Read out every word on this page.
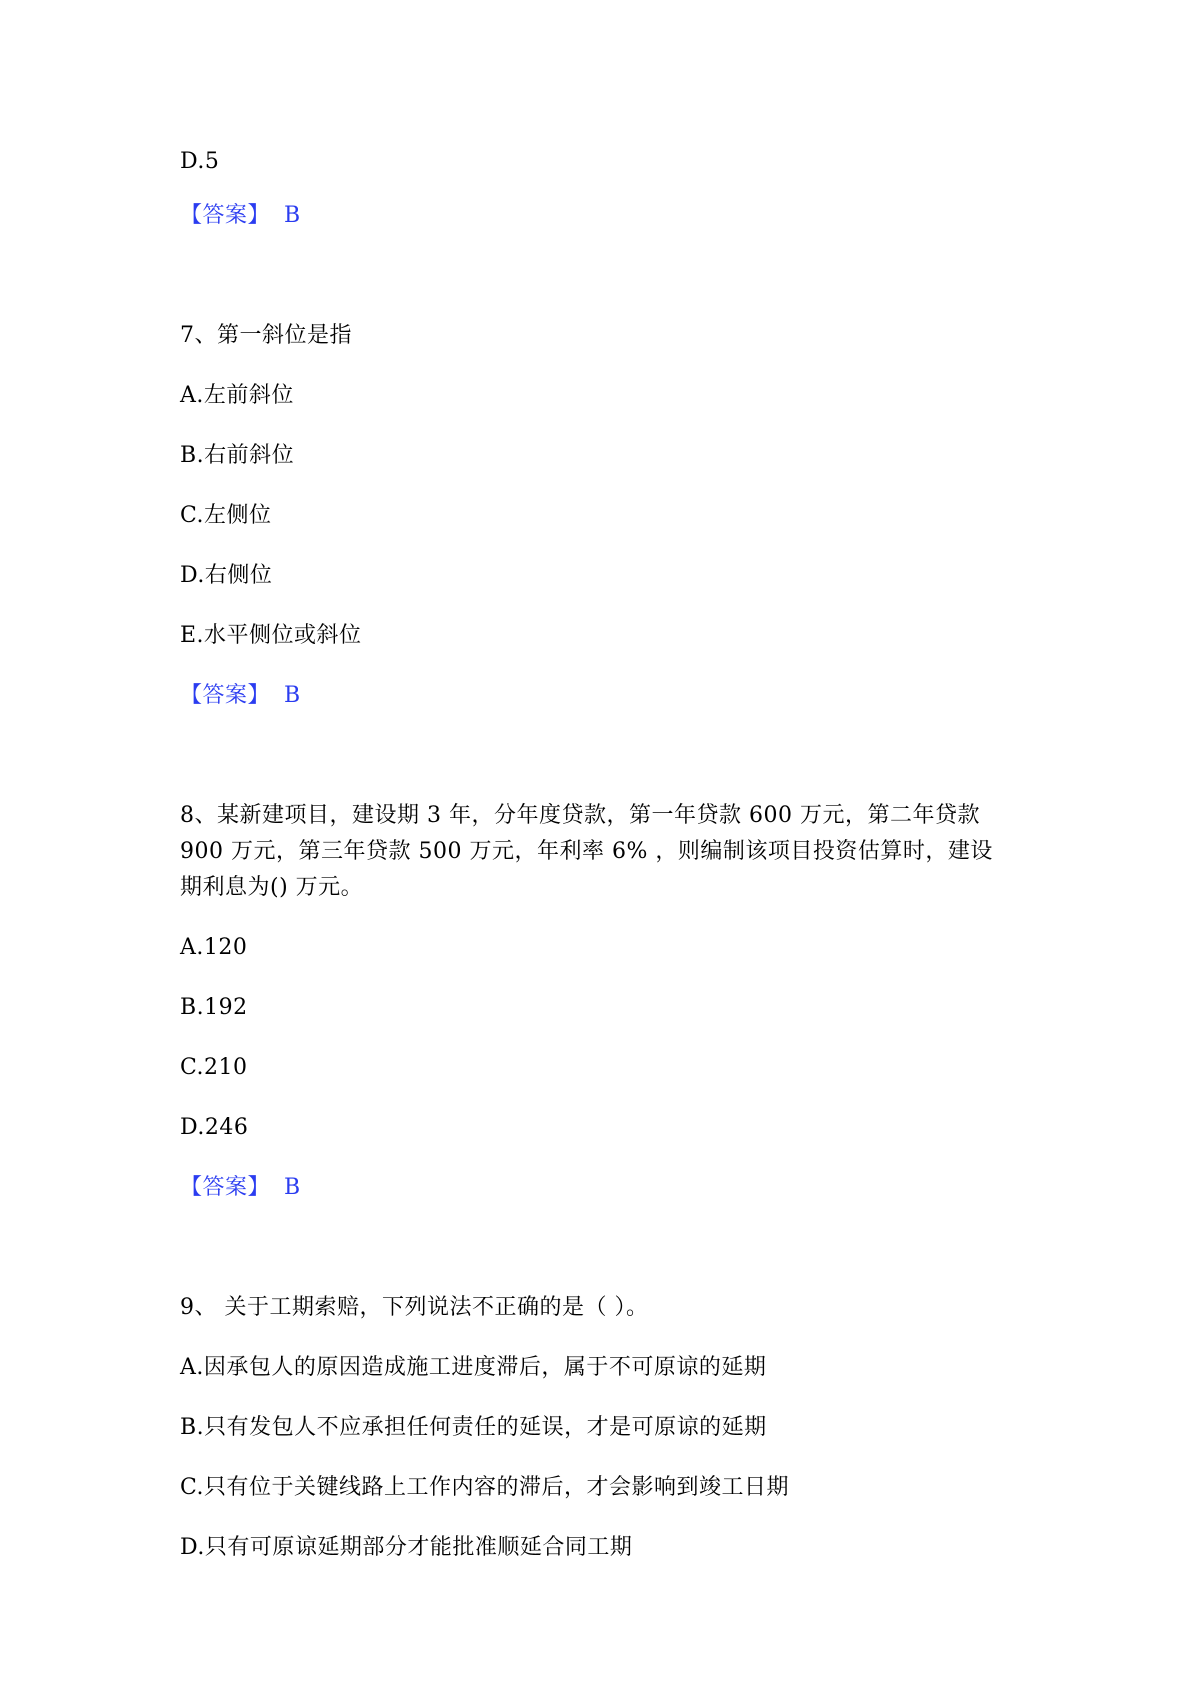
D.5
【答案】 B
7、第一斜位是指
A.左前斜位
B.右前斜位
C.左侧位
D.右侧位
E.水平侧位或斜位
【答案】 B
8、某新建项目，建设期 3 年，分年度贷款，第一年贷款 600 万元，第二年贷款
900 万元，第三年贷款 500 万元，年利率 6% ，则编制该项目投资估算时，建设
期利息为() 万元。
A.120
B.192
C.210
D.246
【答案】 B
9、 关于工期索赔，下列说法不正确的是（ ）。
A.因承包人的原因造成施工进度滞后，属于不可原谅的延期
B.只有发包人不应承担任何责任的延误，才是可原谅的延期
C.只有位于关键线路上工作内容的滞后，才会影响到竣工日期
D.只有可原谅延期部分才能批准顺延合同工期
